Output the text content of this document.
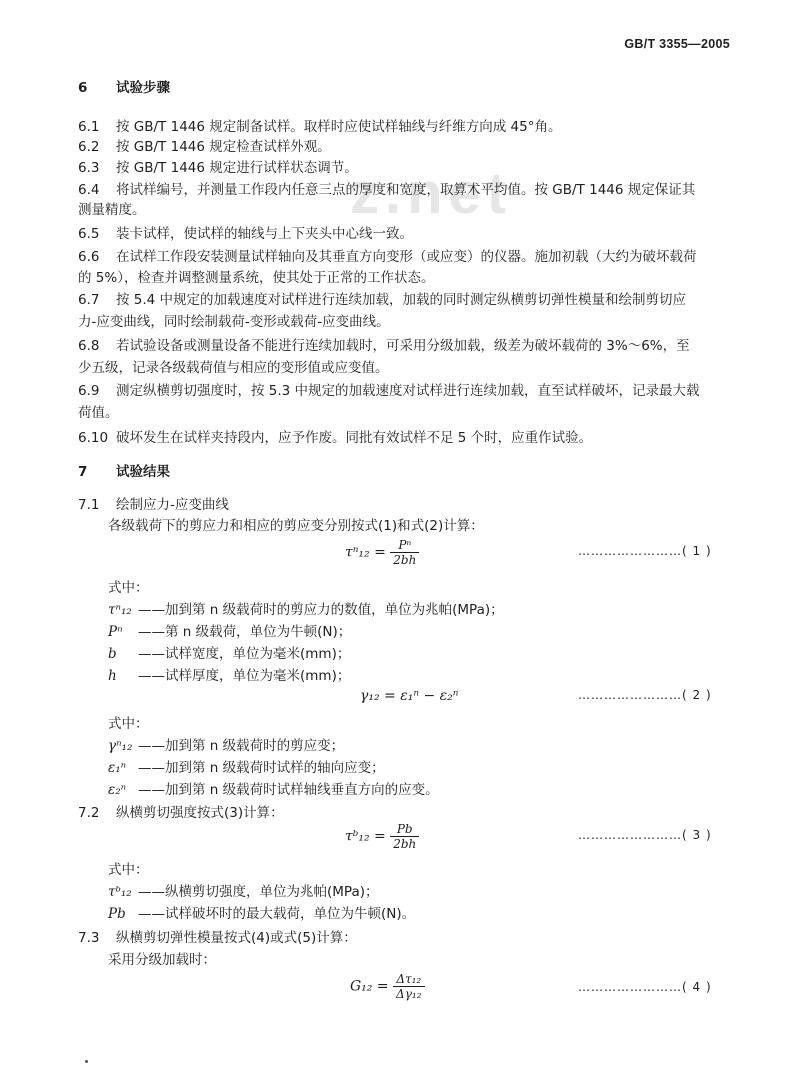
GB/T 3355—2005
z.net
6 试验步骤
6.1 按 GB/T 1446 规定制备试样。取样时应使试样轴线与纤维方向成 45°角。
6.2 按 GB/T 1446 规定检查试样外观。
6.3 按 GB/T 1446 规定进行试样状态调节。
6.4 将试样编号，并测量工作段内任意三点的厚度和宽度，取算术平均值。按 GB/T 1446 规定保证其
测量精度。
6.5 装卡试样，使试样的轴线与上下夹头中心线一致。
6.6 在试样工作段安装测量试样轴向及其垂直方向变形（或应变）的仪器。施加初载（大约为破坏载荷
的 5%），检查并调整测量系统，使其处于正常的工作状态。
6.7 按 5.4 中规定的加载速度对试样进行连续加载，加载的同时测定纵横剪切弹性模量和绘制剪切应
力-应变曲线，同时绘制载荷-变形或载荷-应变曲线。
6.8 若试验设备或测量设备不能进行连续加载时，可采用分级加载，级差为破坏载荷的 3%～6%，至
少五级，记录各级载荷值与相应的变形值或应变值。
6.9 测定纵横剪切强度时，按 5.3 中规定的加载速度对试样进行连续加载，直至试样破坏，记录最大载
荷值。
6.10 破坏发生在试样夹持段内，应予作废。同批有效试样不足 5 个时，应重作试验。
7 试验结果
7.1 绘制应力-应变曲线
各级载荷下的剪应力和相应的剪应变分别按式(1)和式(2)计算：
$\tau^n_{12} = \frac{\text{Pⁿ}}{2bh}$	……………………( 1 )
式中：
τⁿ₁₂ ——加到第 n 级载荷时的剪应力的数值，单位为兆帕(MPa)；
Pⁿ ——第 n 级载荷，单位为牛顿(N)；
b ——试样宽度，单位为毫米(mm)；
h ——试样厚度，单位为毫米(mm)；
γ₁₂ = ε₁ⁿ − ε₂ⁿ	……………………( 2 )
式中：
γⁿ₁₂ ——加到第 n 级载荷时的剪应变；
ε₁ⁿ ——加到第 n 级载荷时试样的轴向应变；
ε₂ⁿ ——加到第 n 级载荷时试样轴线垂直方向的应变。
7.2 纵横剪切强度按式(3)计算：
τᵇ₁₂ = $\frac{Pb}{2bh}$	……………………( 3 )
式中：
τᵇ₁₂ ——纵横剪切强度，单位为兆帕(MPa)；
Pb ——试样破坏时的最大载荷，单位为牛顿(N)。
7.3 纵横剪切弹性模量按式(4)或式(5)计算：
采用分级加载时：
$G_{12} = \frac{\text{Δτ₁₂}}{\text{Δγ₁₂}}$	……………………( 4 )
